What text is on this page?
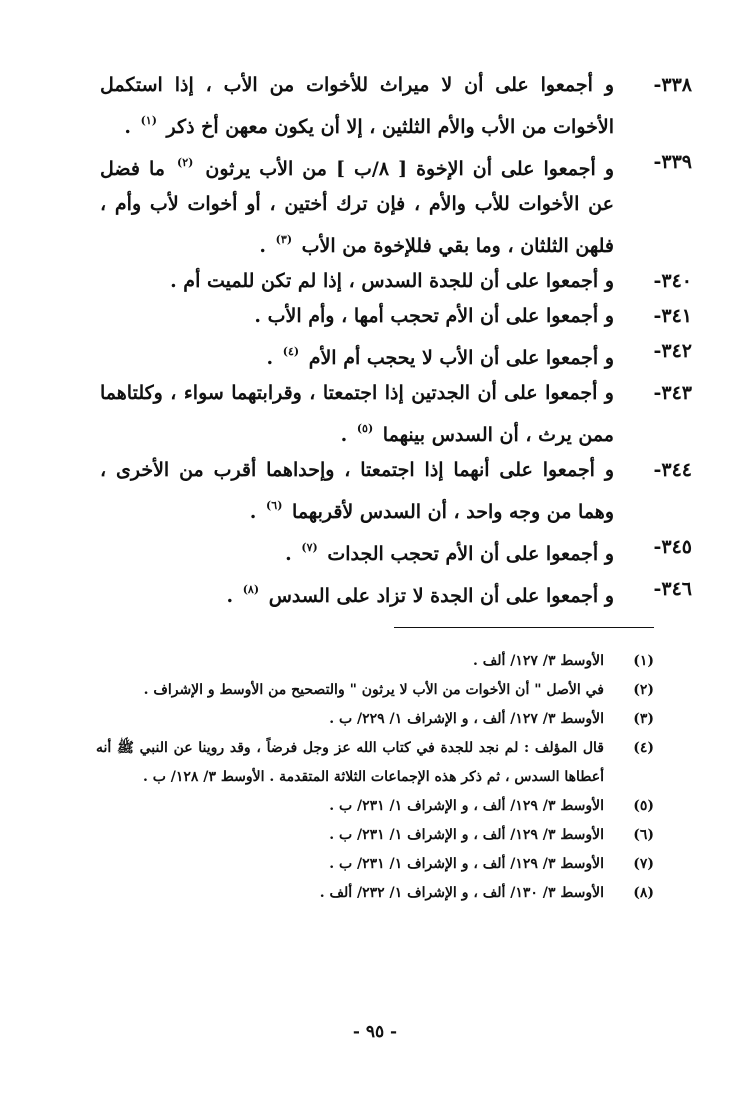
٣٣٨-
و أجمعوا على أن لا ميراث للأخوات من الأب ، إذا استكمل الأخوات من الأب والأم الثلثين ، إلا أن يكون معهن أخ ذكر $^{(١)}$ .
٣٣٩-
و أجمعوا على أن الإخوة [ ٨/ب ] من الأب يرثون $^{(٢)}$ ما فضل عن الأخوات للأب والأم ، فإن ترك أختين ، أو أخوات لأب وأم ، فلهن الثلثان ، وما بقي فللإخوة من الأب $^{(٣)}$ .
٣٤٠-
و أجمعوا على أن للجدة السدس ، إذا لم تكن للميت أم .
٣٤١-
و أجمعوا على أن الأم تحجب أمها ، وأم الأب .
٣٤٢-
و أجمعوا على أن الأب لا يحجب أم الأم $^{(٤)}$ .
٣٤٣-
و أجمعوا على أن الجدتين إذا اجتمعتا ، وقرابتهما سواء ، وكلتاهما ممن يرث ، أن السدس بينهما $^{(٥)}$ .
٣٤٤-
و أجمعوا على أنهما إذا اجتمعتا ، وإحداهما أقرب من الأخرى ، وهما من وجه واحد ، أن السدس لأقربهما $^{(٦)}$ .
٣٤٥-
و أجمعوا على أن الأم تحجب الجدات $^{(٧)}$ .
٣٤٦-
و أجمعوا على أن الجدة لا تزاد على السدس $^{(٨)}$ .
(١)
الأوسط ٣/ ١٢٧/ ألف .
(٢)
في الأصل " أن الأخوات من الأب لا يرثون " والتصحيح من الأوسط و الإشراف .
(٣)
الأوسط ٣/ ١٢٧/ ألف ، و الإشراف ١/ ٢٢٩/ ب .
(٤)
قال المؤلف : لم نجد للجدة في كتاب الله عز وجل فرضاً ، وقد روينا عن النبي ﷺ أنه أعطاها السدس ، ثم ذكر هذه الإجماعات الثلاثة المتقدمة . الأوسط ٣/ ١٢٨/ ب .
(٥)
الأوسط ٣/ ١٢٩/ ألف ، و الإشراف ١/ ٢٣١/ ب .
(٦)
الأوسط ٣/ ١٢٩/ ألف ، و الإشراف ١/ ٢٣١/ ب .
(٧)
الأوسط ٣/ ١٢٩/ ألف ، و الإشراف ١/ ٢٣١/ ب .
(٨)
الأوسط ٣/ ١٣٠/ ألف ، و الإشراف ١/ ٢٣٢/ ألف .
- ٩٥ -
